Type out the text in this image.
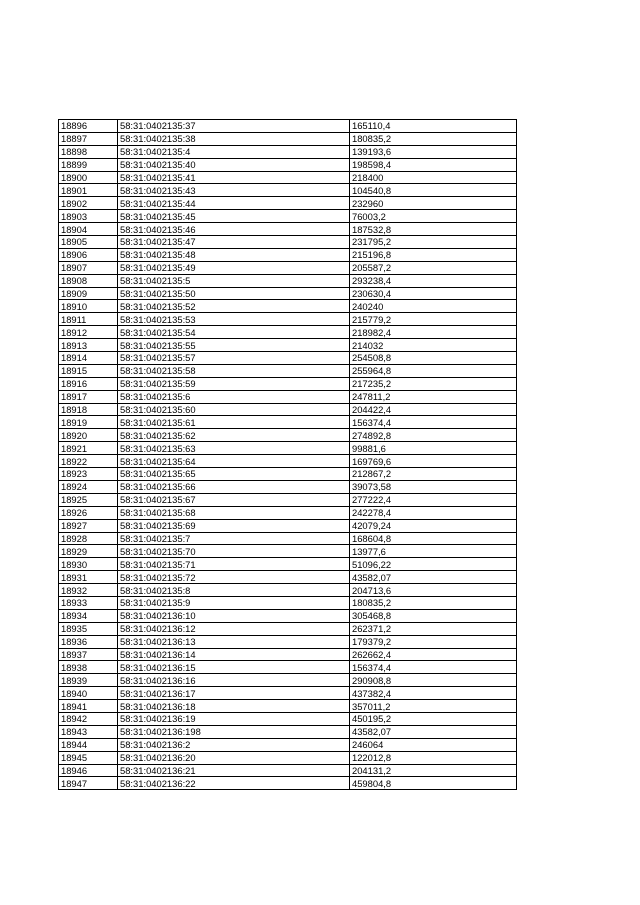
18896	58:31:0402135:37	165110,4
18897	58:31:0402135:38	180835,2
18898	58:31:0402135:4	139193,6
18899	58:31:0402135:40	198598,4
18900	58:31:0402135:41	218400
18901	58:31:0402135:43	104540,8
18902	58:31:0402135:44	232960
18903	58:31:0402135:45	76003,2
18904	58:31:0402135:46	187532,8
18905	58:31:0402135:47	231795,2
18906	58:31:0402135:48	215196,8
18907	58:31:0402135:49	205587,2
18908	58:31:0402135:5	293238,4
18909	58:31:0402135:50	230630,4
18910	58:31:0402135:52	240240
18911	58:31:0402135:53	215779,2
18912	58:31:0402135:54	218982,4
18913	58:31:0402135:55	214032
18914	58:31:0402135:57	254508,8
18915	58:31:0402135:58	255964,8
18916	58:31:0402135:59	217235,2
18917	58:31:0402135:6	247811,2
18918	58:31:0402135:60	204422,4
18919	58:31:0402135:61	156374,4
18920	58:31:0402135:62	274892,8
18921	58:31:0402135:63	99881,6
18922	58:31:0402135:64	169769,6
18923	58:31:0402135:65	212867,2
18924	58:31:0402135:66	39073,58
18925	58:31:0402135:67	277222,4
18926	58:31:0402135:68	242278,4
18927	58:31:0402135:69	42079,24
18928	58:31:0402135:7	168604,8
18929	58:31:0402135:70	13977,6
18930	58:31:0402135:71	51096,22
18931	58:31:0402135:72	43582,07
18932	58:31:0402135:8	204713,6
18933	58:31:0402135:9	180835,2
18934	58:31:0402136:10	305468,8
18935	58:31:0402136:12	262371,2
18936	58:31:0402136:13	179379,2
18937	58:31:0402136:14	262662,4
18938	58:31:0402136:15	156374,4
18939	58:31:0402136:16	290908,8
18940	58:31:0402136:17	437382,4
18941	58:31:0402136:18	357011,2
18942	58:31:0402136:19	450195,2
18943	58:31:0402136:198	43582,07
18944	58:31:0402136:2	246064
18945	58:31:0402136:20	122012,8
18946	58:31:0402136:21	204131,2
18947	58:31:0402136:22	459804,8
